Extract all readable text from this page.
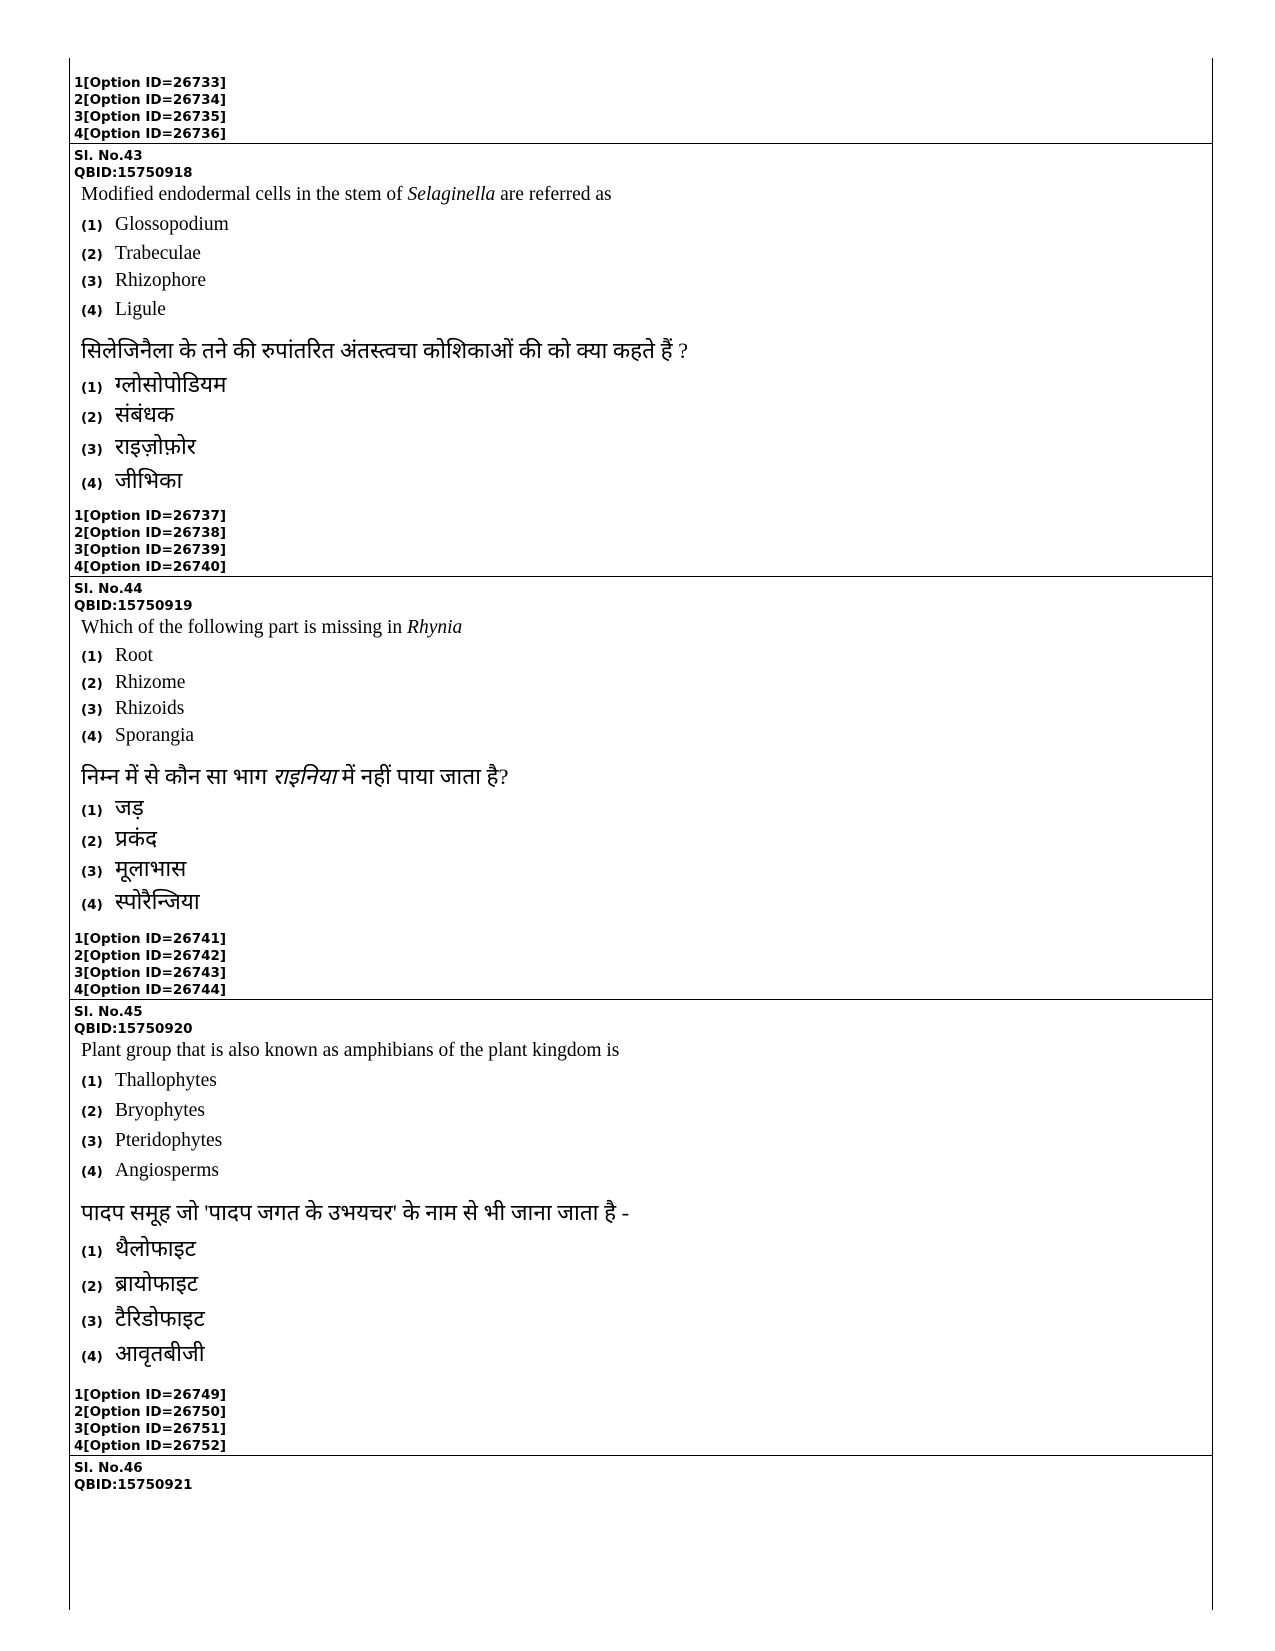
1[Option ID=26733]
2[Option ID=26734]
3[Option ID=26735]
4[Option ID=26736]
Sl. No.43
QBID:15750918
Modified endodermal cells in the stem of Selaginella are referred as
(1) Glossopodium
(2) Trabeculae
(3) Rhizophore
(4) Ligule
सिलेजिनैला के तने की रुपांतरित अंतस्त्वचा कोशिकाओं की को क्या कहते हैं ?
(1) ग्लोसोपोडियम
(2) संबंधक
(3) राइज़ोफ़ोर
(4) जीभिका
1[Option ID=26737]
2[Option ID=26738]
3[Option ID=26739]
4[Option ID=26740]
Sl. No.44
QBID:15750919
Which of the following part is missing in Rhynia
(1) Root
(2) Rhizome
(3) Rhizoids
(4) Sporangia
निम्न में से कौन सा भाग राइनिया में नहीं पाया जाता है?
(1) जड़
(2) प्रकंद
(3) मूलाभास
(4) स्पोरैन्जिया
1[Option ID=26741]
2[Option ID=26742]
3[Option ID=26743]
4[Option ID=26744]
Sl. No.45
QBID:15750920
Plant group that is also known as amphibians of the plant kingdom is
(1) Thallophytes
(2) Bryophytes
(3) Pteridophytes
(4) Angiosperms
पादप समूह जो 'पादप जगत के उभयचर' के नाम से भी जाना जाता है -
(1) थैलोफाइट
(2) ब्रायोफाइट
(3) टैरिडोफाइट
(4) आवृतबीजी
1[Option ID=26749]
2[Option ID=26750]
3[Option ID=26751]
4[Option ID=26752]
Sl. No.46
QBID:15750921
